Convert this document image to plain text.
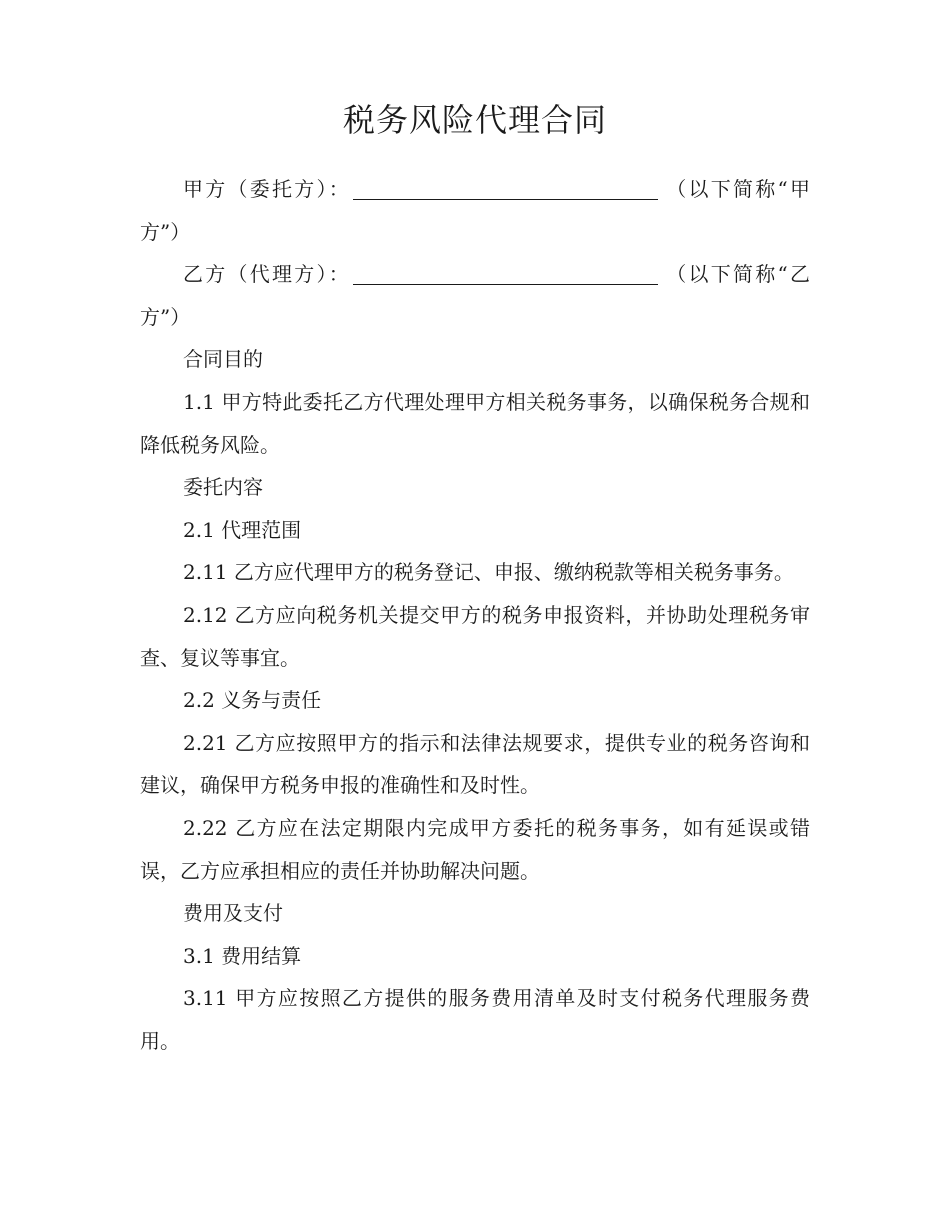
税务风险代理合同

甲方（委托方）：	（以下简称“甲方”）

乙方（代理方）：	（以下简称“乙方”）

合同目的

1.1 甲方特此委托乙方代理处理甲方相关税务事务，以确保税务合规和降低税务风险。

委托内容

2.1 代理范围

2.11 乙方应代理甲方的税务登记、申报、缴纳税款等相关税务事务。

2.12 乙方应向税务机关提交甲方的税务申报资料，并协助处理税务审查、复议等事宜。

2.2 义务与责任

2.21 乙方应按照甲方的指示和法律法规要求，提供专业的税务咨询和建议，确保甲方税务申报的准确性和及时性。

2.22 乙方应在法定期限内完成甲方委托的税务事务，如有延误或错误，乙方应承担相应的责任并协助解决问题。

费用及支付

3.1 费用结算

3.11 甲方应按照乙方提供的服务费用清单及时支付税务代理服务费用。
